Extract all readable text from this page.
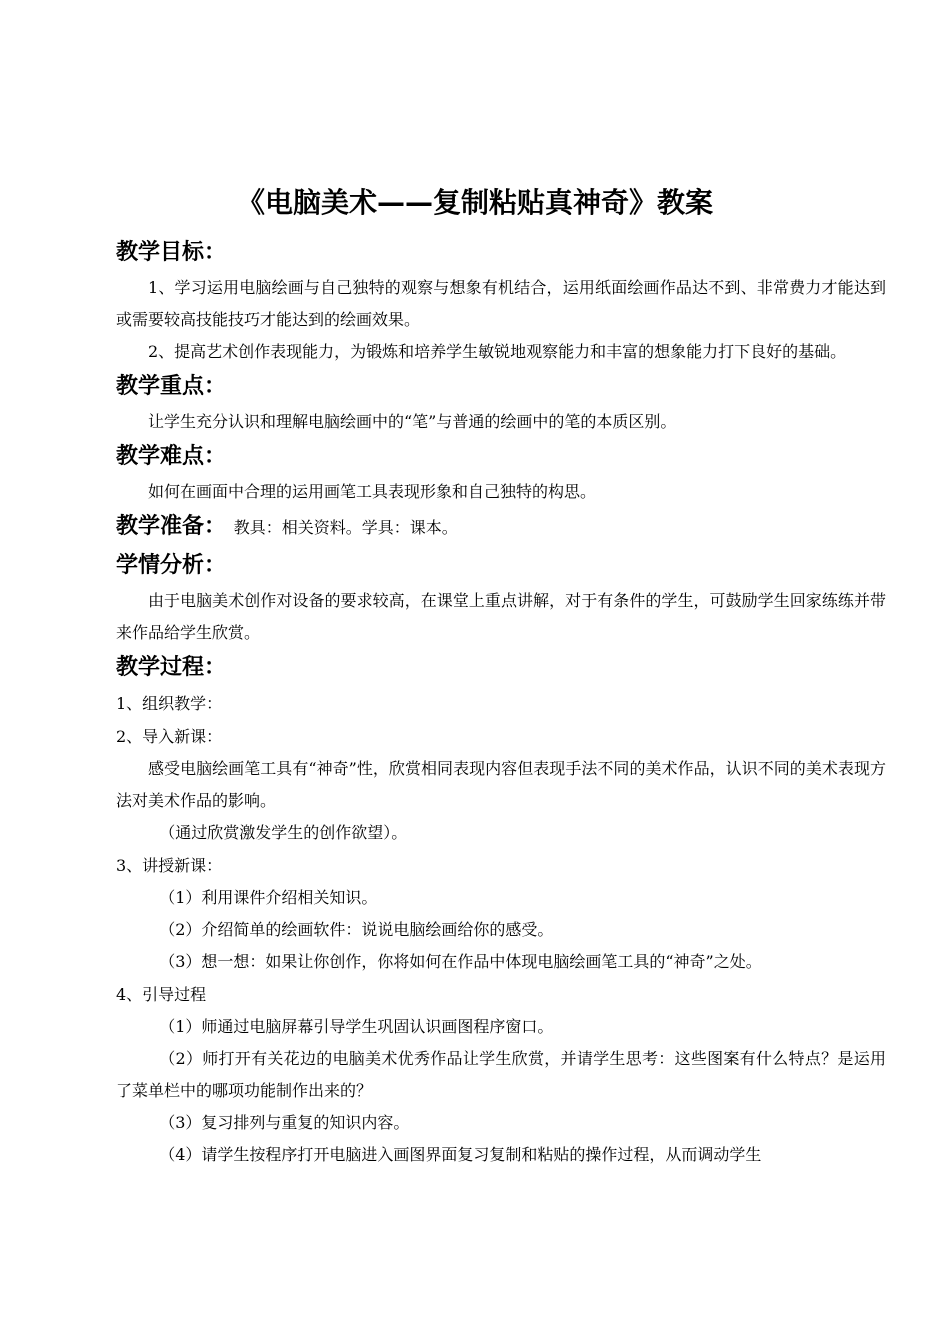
《电脑美术——复制粘贴真神奇》教案
教学目标：

1、学习运用电脑绘画与自己独特的观察与想象有机结合，运用纸面绘画作品达不到、非常费力才能达到或需要较高技能技巧才能达到的绘画效果。

2、提高艺术创作表现能力，为锻炼和培养学生敏锐地观察能力和丰富的想象能力打下良好的基础。

教学重点：

让学生充分认识和理解电脑绘画中的“笔”与普通的绘画中的笔的本质区别。

教学难点：

如何在画面中合理的运用画笔工具表现形象和自己独特的构思。

教学准备： 教具：相关资料。学具：课本。
学情分析：

由于电脑美术创作对设备的要求较高，在课堂上重点讲解，对于有条件的学生，可鼓励学生回家练练并带来作品给学生欣赏。

教学过程：

1、组织教学：

2、导入新课：

感受电脑绘画笔工具有“神奇”性，欣赏相同表现内容但表现手法不同的美术作品，认识不同的美术表现方法对美术作品的影响。

（通过欣赏激发学生的创作欲望）。

3、讲授新课：

（1）利用课件介绍相关知识。

（2）介绍简单的绘画软件：说说电脑绘画给你的感受。

（3）想一想：如果让你创作，你将如何在作品中体现电脑绘画笔工具的“神奇”之处。

4、引导过程

（1）师通过电脑屏幕引导学生巩固认识画图程序窗口。

（2）师打开有关花边的电脑美术优秀作品让学生欣赏，并请学生思考：这些图案有什么特点？是运用了菜单栏中的哪项功能制作出来的？

（3）复习排列与重复的知识内容。

（4）请学生按程序打开电脑进入画图界面复习复制和粘贴的操作过程，从而调动学生
